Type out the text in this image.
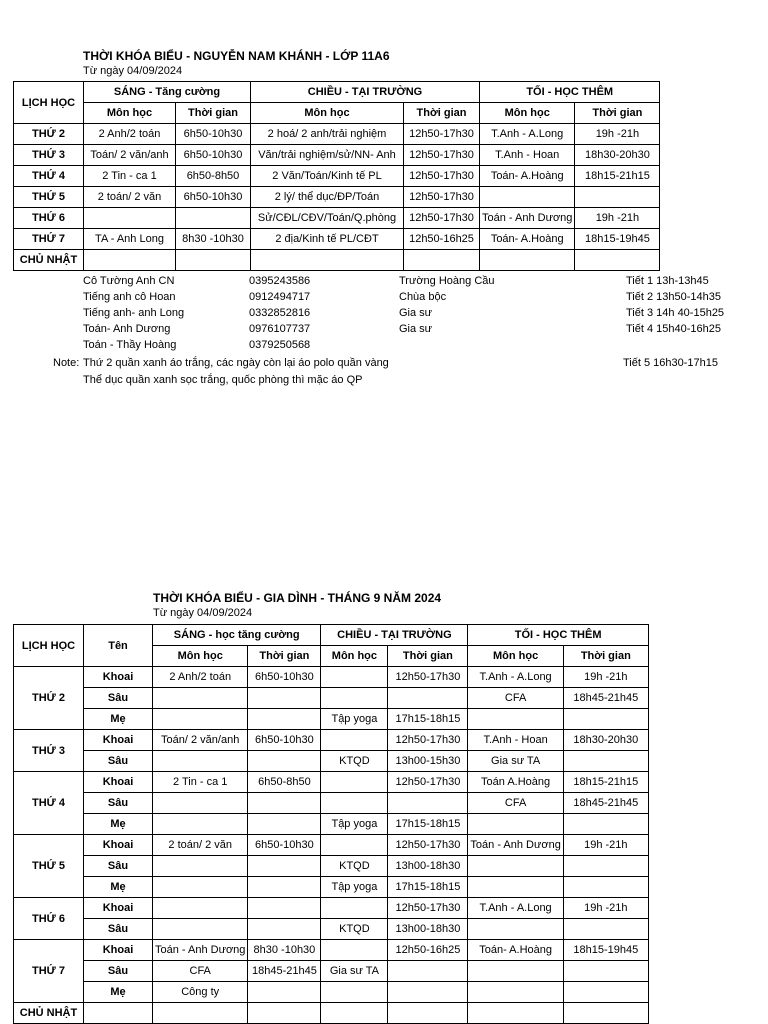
THỜI KHÓA BIỂU - NGUYỄN NAM KHÁNH - LỚP 11A6
Từ ngày 04/09/2024
LỊCH HỌC	SÁNG - Tăng cường		CHIỀU - TẠI TRƯỜNG		TỐI - HỌC THÊM	
	Môn học	Thời gian	Môn học	Thời gian	Môn học	Thời gian
THỨ 2	2 Anh/2 toán	6h50-10h30	2 hoá/ 2 anh/trải nghiệm	12h50-17h30	T.Anh - A.Long	19h -21h
THỨ 3	Toán/ 2 văn/anh	6h50-10h30	Văn/trải nghiệm/sử/NN- Anh	12h50-17h30	T.Anh - Hoan	18h30-20h30
THỨ 4	2 Tin - ca 1	6h50-8h50	2 Văn/Toán/Kinh tế PL	12h50-17h30	Toán- A.Hoàng	18h15-21h15
THỨ 5	2 toán/ 2 văn	6h50-10h30	2 lý/ thể dục/ĐP/Toán	12h50-17h30		
THỨ 6			Sử/CĐL/CĐV/Toán/Q.phòng	12h50-17h30	Toán - Anh Dương	19h -21h
THỨ 7	TA - Anh Long	8h30 -10h30	2 địa/Kinh tế PL/CĐT	12h50-16h25	Toán- A.Hoàng	18h15-19h45
CHỦ NHẬT						
Cô Tường Anh CN	0395243586	Trường Hoàng Cầu	Tiết 1 13h-13h45
Tiếng anh cô Hoan	0912494717	Chùa bộc	Tiết 2 13h50-14h35
Tiếng anh- anh Long	0332852816	Gia sư	Tiết 3 14h 40-15h25
Toán- Anh Dương	0976107737	Gia sư	Tiết 4 15h40-16h25
Toán - Thầy Hoàng	0379250568
Note: Thứ 2 quần xanh áo trắng, các ngày còn lại áo polo quần vàng	Tiết 5 16h30-17h15
Thể dục quần xanh sọc trắng, quốc phòng thì mặc áo QP
THỜI KHÓA BIỂU - GIA DÌNH - THÁNG 9 NĂM 2024
Từ ngày 04/09/2024
LỊCH HỌC	Tên	SÁNG - học tăng cường		CHIỀU - TẠI TRƯỜNG		TỐI - HỌC THÊM	
		Môn học	Thời gian	Môn học	Thời gian	Môn học	Thời gian
THỨ 2	Khoai	2 Anh/2 toán	6h50-10h30		12h50-17h30	T.Anh - A.Long	19h -21h
	Sâu					CFA	18h45-21h45
	Mẹ			Tập yoga	17h15-18h15		
THỨ 3	Khoai	Toán/ 2 văn/anh	6h50-10h30		12h50-17h30	T.Anh - Hoan	18h30-20h30
	Sâu			KTQD	13h00-15h30	Gia sư TA	
THỨ 4	Khoai	2 Tin - ca 1	6h50-8h50		12h50-17h30	Toán A.Hoàng	18h15-21h15
	Sâu					CFA	18h45-21h45
	Mẹ			Tập yoga	17h15-18h15		
THỨ 5	Khoai	2 toán/ 2 văn	6h50-10h30		12h50-17h30	Toán - Anh Dương	19h -21h
	Sâu			KTQD	13h00-18h30		
	Mẹ			Tập yoga	17h15-18h15		
THỨ 6	Khoai				12h50-17h30	T.Anh - A.Long	19h -21h
	Sâu			KTQD	13h00-18h30		
THỨ 7	Khoai	Toán - Anh Dương	8h30 -10h30		12h50-16h25	Toán- A.Hoàng	18h15-19h45
	Sâu	CFA	18h45-21h45	Gia sư TA			
	Mẹ	Công ty					
CHỦ NHẬT							
